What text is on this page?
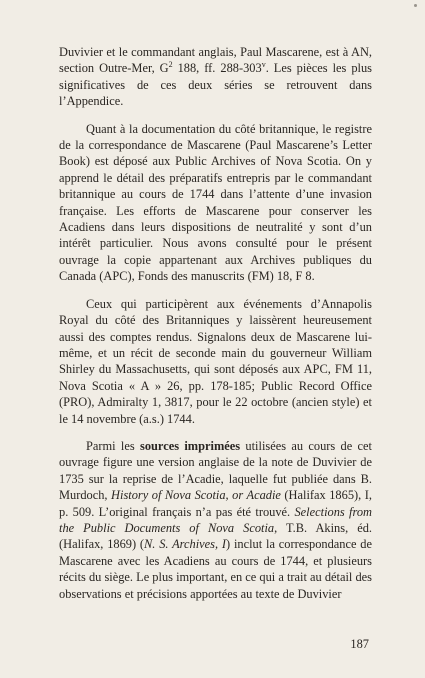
Duvivier et le commandant anglais, Paul Mascarene, est à AN, section Outre-Mer, $G^2$ 188, ff. 288-303$^v$. Les pièces les plus significatives de ces deux séries se retrouvent dans l’Appendice.

Quant à la documentation du côté britannique, le registre de la correspondance de Mascarene (Paul Mascarene’s Letter Book) est déposé aux Public Archives of Nova Scotia. On y apprend le détail des préparatifs entrepris par le commandant britannique au cours de 1744 dans l’attente d’une invasion française. Les efforts de Mascarene pour conserver les Acadiens dans leurs dispositions de neutralité y sont d’un intérêt particulier. Nous avons consulté pour le présent ouvrage la copie appartenant aux Archives publiques du Canada (APC), Fonds des manuscrits (FM) 18, F 8.

Ceux qui participèrent aux événements d’Annapolis Royal du côté des Britanniques y laissèrent heureusement aussi des comptes rendus. Signalons deux de Mascarene lui-même, et un récit de seconde main du gouverneur William Shirley du Massachusetts, qui sont déposés aux APC, FM 11, Nova Scotia « A » 26, pp. 178-185; Public Record Office (PRO), Admiralty 1, 3817, pour le 22 octobre (ancien style) et le 14 novembre (a.s.) 1744.

Parmi les sources imprimées utilisées au cours de cet ouvrage figure une version anglaise de la note de Duvivier de 1735 sur la reprise de l’Acadie, laquelle fut publiée dans B. Murdoch, History of Nova Scotia, or Acadie (Halifax 1865), I, p. 509. L’original français n’a pas été trouvé. Selections from the Public Documents of Nova Scotia, T.B. Akins, éd. (Halifax, 1869) (N. S. Archives, I) inclut la correspondance de Mascarene avec les Acadiens au cours de 1744, et plusieurs récits du siège. Le plus important, en ce qui a trait au détail des observations et précisions apportées au texte de Duvivier

187
